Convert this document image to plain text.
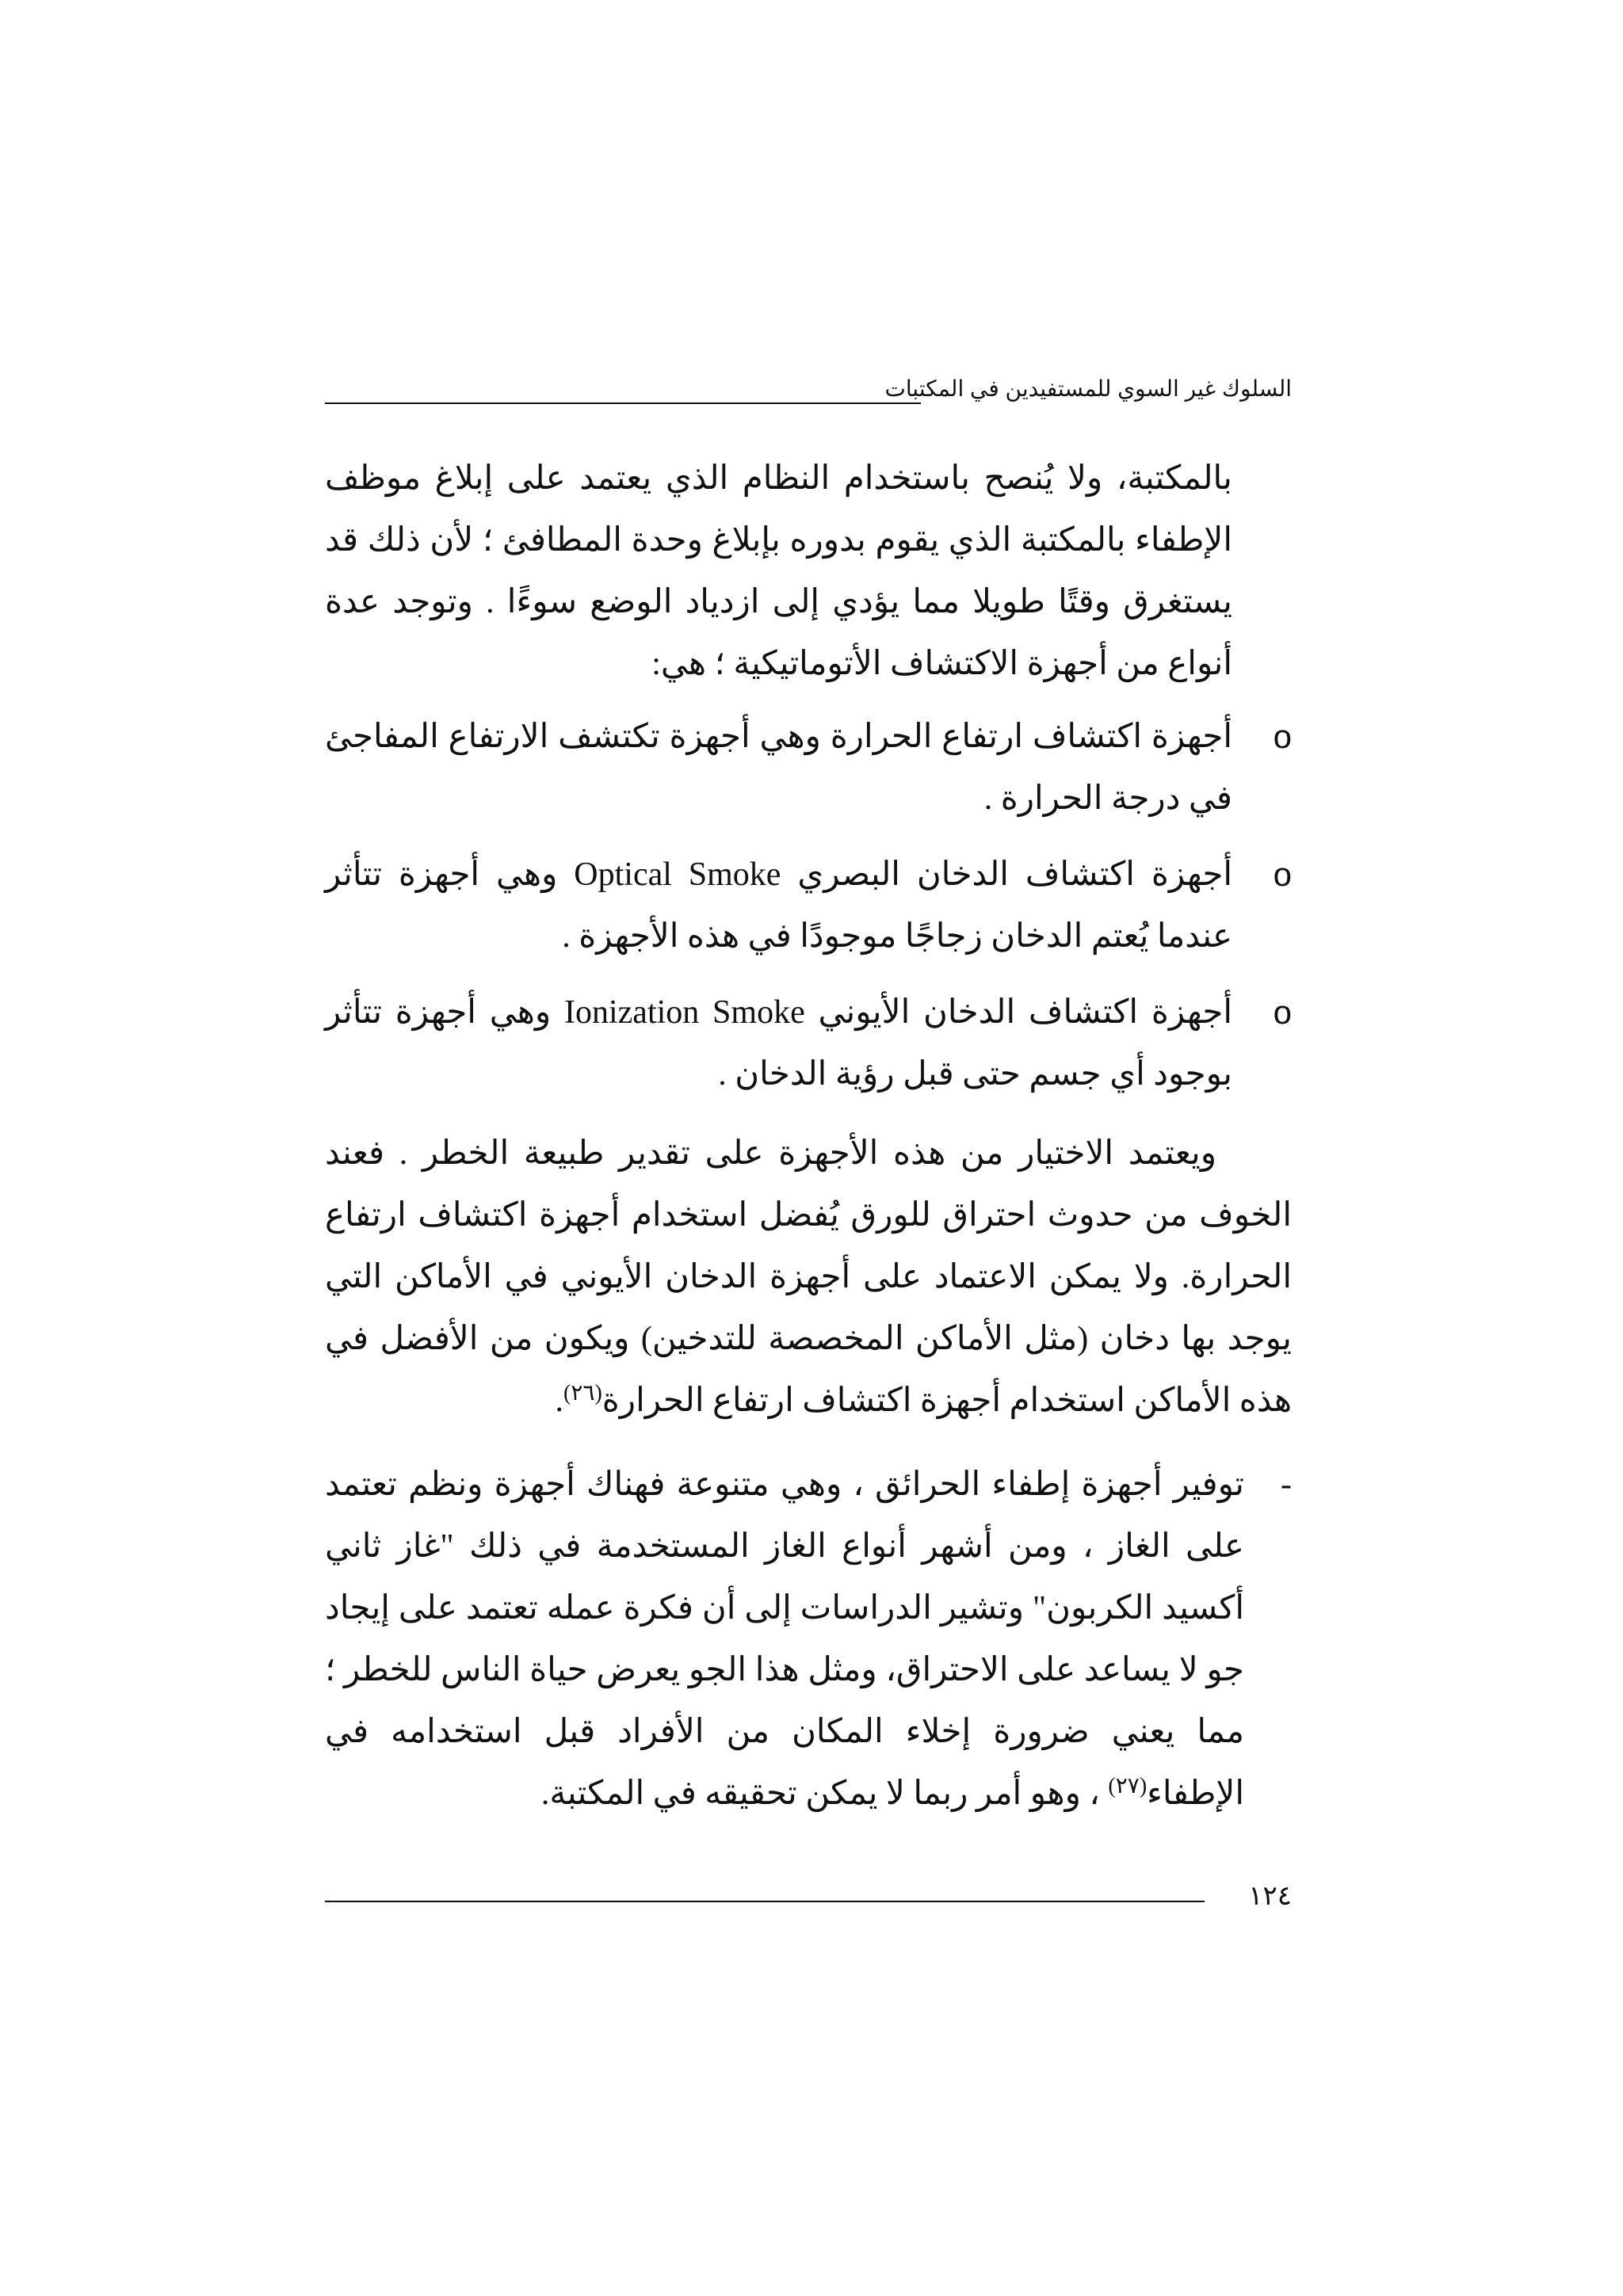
السلوك غير السوي للمستفيدين في المكتبات

بالمكتبة، ولا يُنصح باستخدام النظام الذي يعتمد على إبلاغ موظف الإطفاء بالمكتبة الذي يقوم بدوره بإبلاغ وحدة المطافئ ؛ لأن ذلك قد يستغرق وقتًا طويلا مما يؤدي إلى ازدياد الوضع سوءًا . وتوجد عدة أنواع من أجهزة الاكتشاف الأتوماتيكية ؛ هي:

o
أجهزة اكتشاف ارتفاع الحرارة وهي أجهزة تكتشف الارتفاع المفاجئ في درجة الحرارة .
o
أجهزة اكتشاف الدخان البصري Optical Smoke وهي أجهزة تتأثر عندما يُعتم الدخان زجاجًا موجودًا في هذه الأجهزة .
o
أجهزة اكتشاف الدخان الأيوني Ionization Smoke وهي أجهزة تتأثر بوجود أي جسم حتى قبل رؤية الدخان .

ويعتمد الاختيار من هذه الأجهزة على تقدير طبيعة الخطر . فعند الخوف من حدوث احتراق للورق يُفضل استخدام أجهزة اكتشاف ارتفاع الحرارة. ولا يمكن الاعتماد على أجهزة الدخان الأيوني في الأماكن التي يوجد بها دخان (مثل الأماكن المخصصة للتدخين) ويكون من الأفضل في هذه الأماكن استخدام أجهزة اكتشاف ارتفاع الحرارة$^{(٢٦)}$.

-
توفير أجهزة إطفاء الحرائق ، وهي متنوعة فهناك أجهزة ونظم تعتمد على الغاز ، ومن أشهر أنواع الغاز المستخدمة في ذلك "غاز ثاني أكسيد الكربون" وتشير الدراسات إلى أن فكرة عمله تعتمد على إيجاد جو لا يساعد على الاحتراق، ومثل هذا الجو يعرض حياة الناس للخطر ؛ مما يعني ضرورة إخلاء المكان من الأفراد قبل استخدامه في الإطفاء$^{(٢٧)}$ ، وهو أمر ربما لا يمكن تحقيقه في المكتبة.
١٢٤
